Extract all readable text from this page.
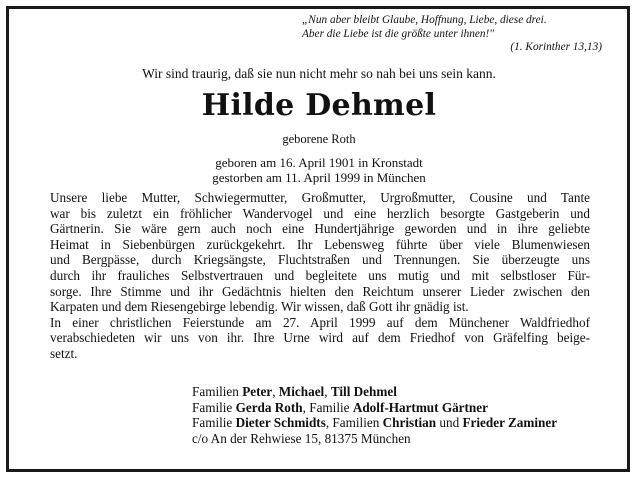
„Nun aber bleibt Glaube, Hoffnung, Liebe, diese drei.
Aber die Liebe ist die größte unter ihnen!"
(1. Korinther 13,13)
Wir sind traurig, daß sie nun nicht mehr so nah bei uns sein kann.
Hilde Dehmel
geborene Roth
geboren am 16. April 1901 in Kronstadt
gestorben am 11. April 1999 in München
Unsere liebe Mutter, Schwiegermutter, Großmutter, Urgroßmutter, Cousine und Tante
war bis zuletzt ein fröhlicher Wandervogel und eine herzlich besorgte Gastgeberin und
Gärtnerin. Sie wäre gern auch noch eine Hundertjährige geworden und in ihre geliebte
Heimat in Siebenbürgen zurückgekehrt. Ihr Lebensweg führte über viele Blumenwiesen
und Bergpässe, durch Kriegsängste, Fluchtstraßen und Trennungen. Sie überzeugte uns
durch ihr frauliches Selbstvertrauen und begleitete uns mutig und mit selbstloser Für-
sorge. Ihre Stimme und ihr Gedächtnis hielten den Reichtum unserer Lieder zwischen den
Karpaten und dem Riesengebirge lebendig. Wir wissen, daß Gott ihr gnädig ist.
In einer christlichen Feierstunde am 27. April 1999 auf dem Münchener Waldfriedhof
verabschiedeten wir uns von ihr. Ihre Urne wird auf dem Friedhof von Gräfelfing beige-
setzt.
Familien Peter, Michael, Till Dehmel
Familie Gerda Roth, Familie Adolf-Hartmut Gärtner
Familie Dieter Schmidts, Familien Christian und Frieder Zaminer
c/o An der Rehwiese 15, 81375 München
